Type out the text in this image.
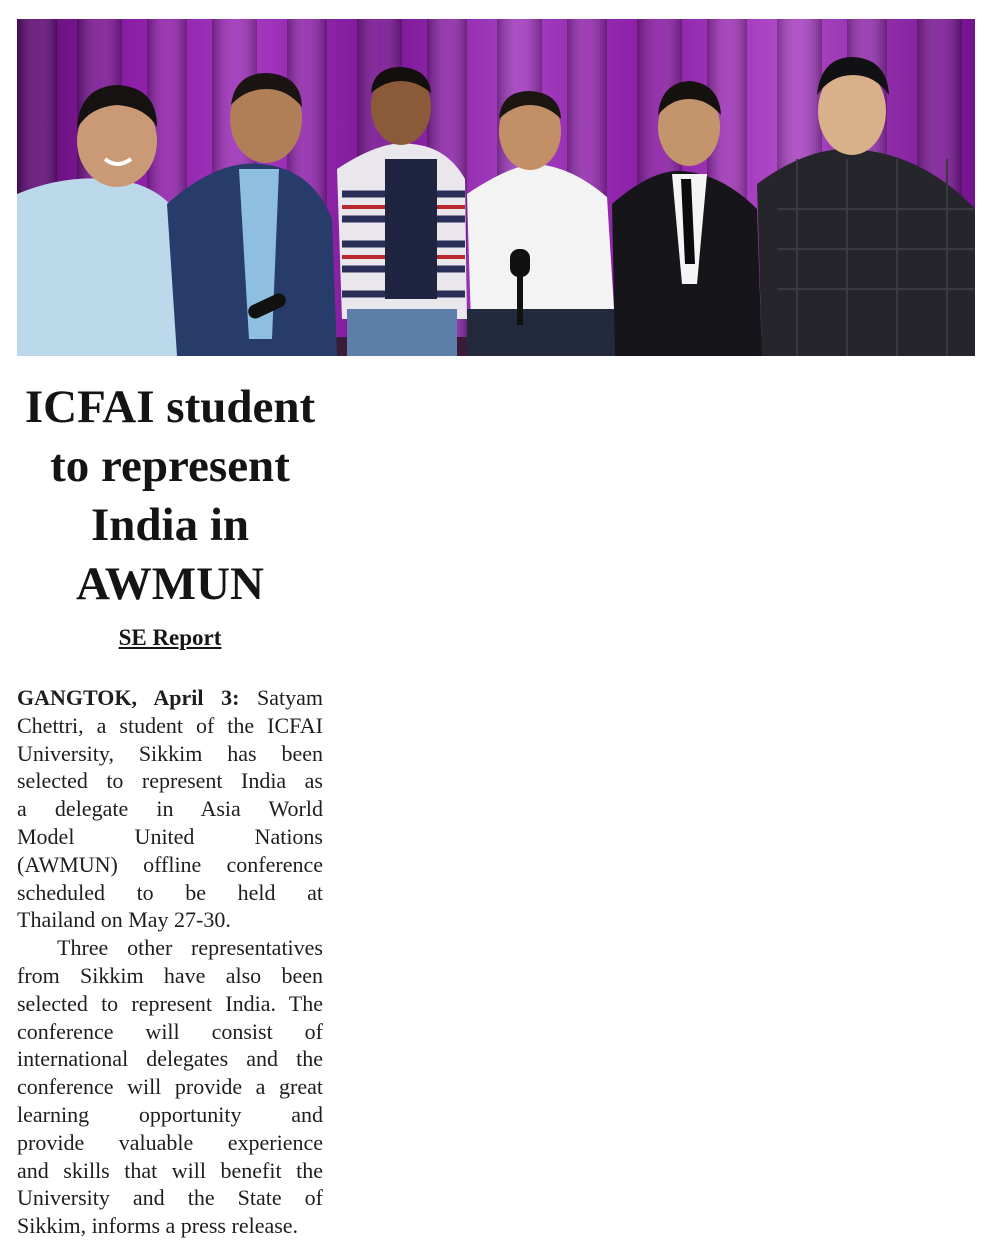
ICFAI student
to represent
India in
AWMUN
SE Report
GANGTOK, April 3: Satyam
Chettri, a student of the ICFAI
University, Sikkim has been
selected to represent India as
a delegate in Asia World
Model United Nations
(AWMUN) offline conference
scheduled to be held at
Thailand on May 27-30.
Three other representatives
from Sikkim have also been
selected to represent India. The
conference will consist of
international delegates and the
conference will provide a great
learning opportunity and
provide valuable experience
and skills that will benefit the
University and the State of
Sikkim, informs a press release.
